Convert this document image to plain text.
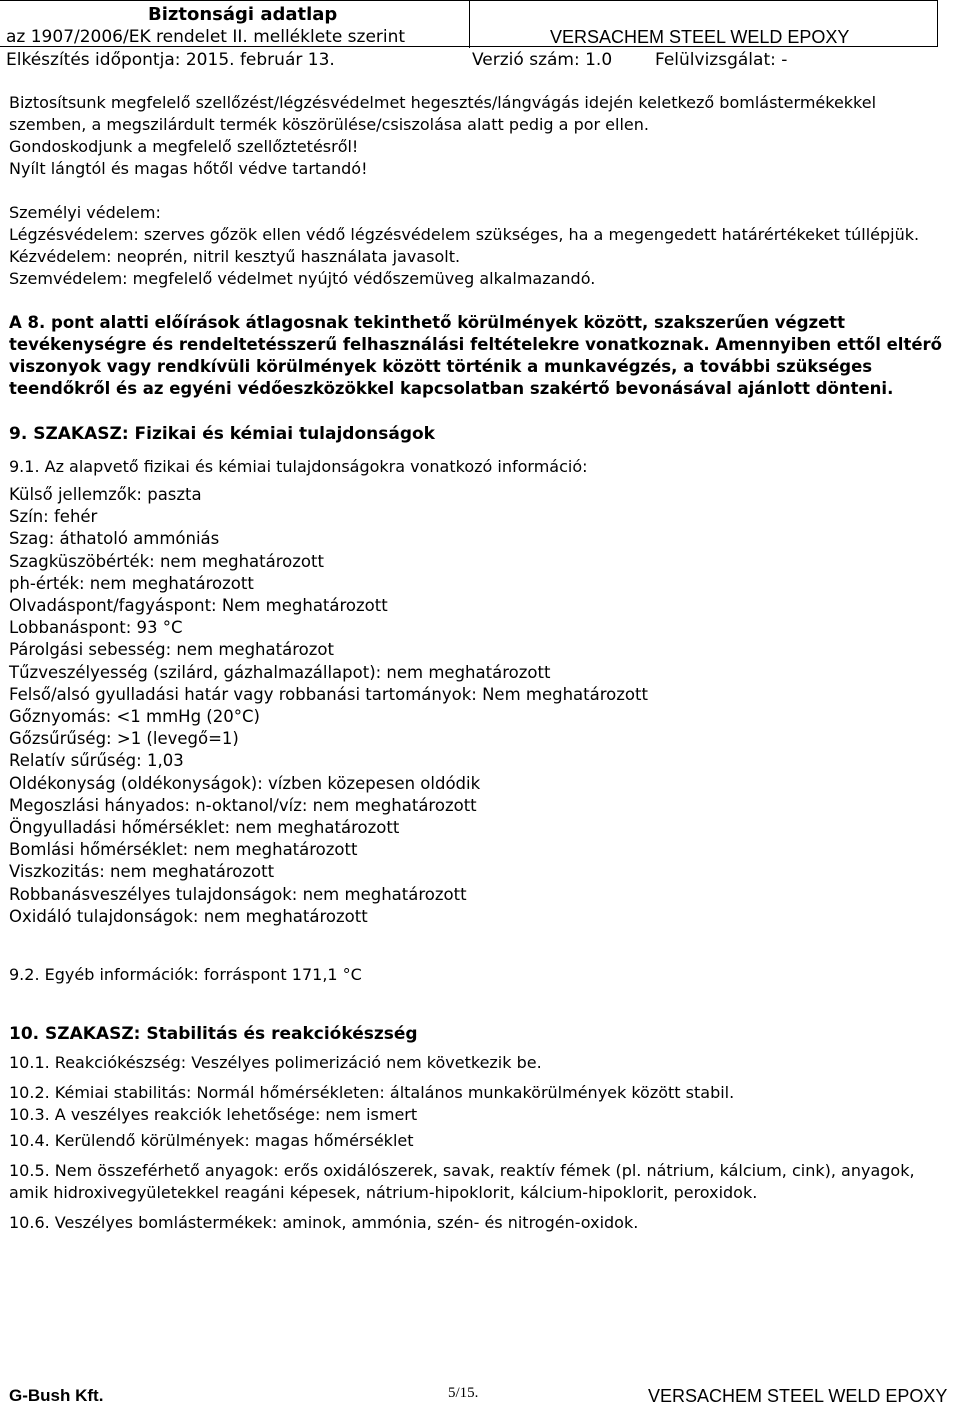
Biztonsági adatlap
az 1907/2006/EK rendelet II. melléklete szerint	VERSACHEM STEEL WELD EPOXY
Elkészítés időpontja: 2015. február 13.	Verzió szám: 1.0	Felülvizsgálat: -

Biztosítsunk megfelelő szellőzést/légzésvédelmet hegesztés/lángvágás idején keletkező bomlástermékekkel szemben, a megszilárdult termék köszörülése/csiszolása alatt pedig a por ellen.

Gondoskodjunk a megfelelő szellőztetésről!

Nyílt lángtól és magas hőtől védve tartandó!

Személyi védelem:

Légzésvédelem: szerves gőzök ellen védő légzésvédelem szükséges, ha a megengedett határértékeket túllépjük.

Kézvédelem: neoprén, nitril kesztyű használata javasolt.

Szemvédelem: megfelelő védelmet nyújtó védőszemüveg alkalmazandó.

A 8. pont alatti előírások átlagosnak tekinthető körülmények között, szakszerűen végzett tevékenységre és rendeltetésszerű felhasználási feltételekre vonatkoznak. Amennyiben ettől eltérő viszonyok vagy rendkívüli körülmények között történik a munkavégzés, a további szükséges teendőkről és az egyéni védőeszközökkel kapcsolatban szakértő bevonásával ajánlott dönteni.

9. SZAKASZ: Fizikai és kémiai tulajdonságok

9.1. Az alapvető fizikai és kémiai tulajdonságokra vonatkozó információ:

Külső jellemzők: paszta

Szín: fehér

Szag: áthatoló ammóniás

Szagküszöbérték: nem meghatározott

ph-érték: nem meghatározott

Olvadáspont/fagyáspont: Nem meghatározott

Lobbanáspont: 93 °C

Párolgási sebesség: nem meghatározot

Tűzveszélyesség (szilárd, gázhalmazállapot): nem meghatározott

Felső/alsó gyulladási határ vagy robbanási tartományok: Nem meghatározott

Gőznyomás: <1 mmHg (20°C)

Gőzsűrűség: >1 (levegő=1)

Relatív sűrűség: 1,03

Oldékonyság (oldékonyságok): vízben közepesen oldódik

Megoszlási hányados: n-oktanol/víz: nem meghatározott

Öngyulladási hőmérséklet: nem meghatározott

Bomlási hőmérséklet: nem meghatározott

Viszkozitás: nem meghatározott

Robbanásveszélyes tulajdonságok: nem meghatározott

Oxidáló tulajdonságok: nem meghatározott

9.2. Egyéb információk: forráspont 171,1 °C

10. SZAKASZ: Stabilitás és reakciókészség

10.1. Reakciókészség: Veszélyes polimerizáció nem következik be.

10.2. Kémiai stabilitás: Normál hőmérsékleten: általános munkakörülmények között stabil.

10.3. A veszélyes reakciók lehetősége: nem ismert

10.4. Kerülendő körülmények: magas hőmérséklet

10.5. Nem összeférhető anyagok: erős oxidálószerek, savak, reaktív fémek (pl. nátrium, kálcium, cink), anyagok, amik hidroxivegyületekkel reagáni képesek, nátrium-hipoklorit, kálcium-hipoklorit, peroxidok.

10.6. Veszélyes bomlástermékek: aminok, ammónia, szén- és nitrogén-oxidok.

G-Bush Kft.	5/15.	VERSACHEM STEEL WELD EPOXY
